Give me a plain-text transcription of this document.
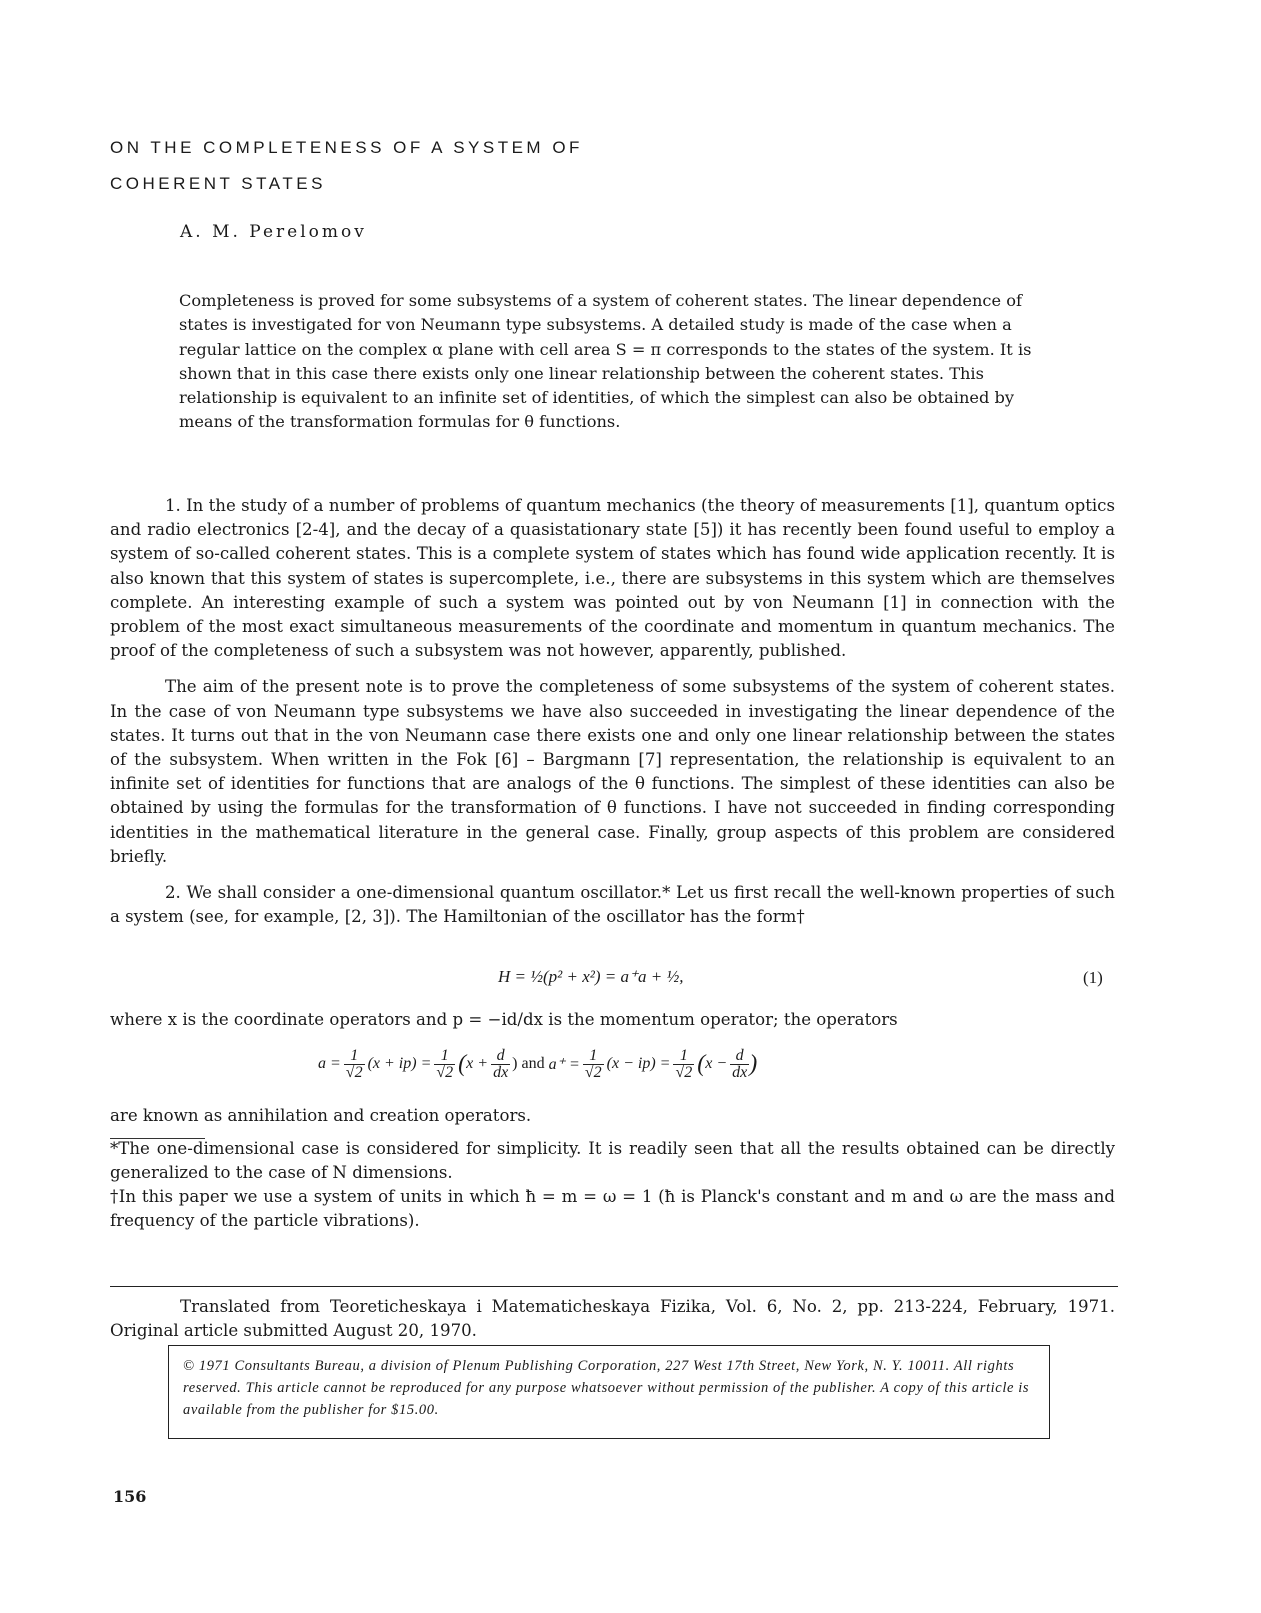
ON THE COMPLETENESS OF A SYSTEM OF
COHERENT STATES
A. M. Perelomov
Completeness is proved for some subsystems of a system of coherent states. The linear dependence of states is investigated for von Neumann type subsystems. A detailed study is made of the case when a regular lattice on the complex α plane with cell area S = π corresponds to the states of the system. It is shown that in this case there exists only one linear relationship between the coherent states. This relationship is equivalent to an infinite set of identities, of which the simplest can also be obtained by means of the transformation formulas for θ functions.

1. In the study of a number of problems of quantum mechanics (the theory of measurements [1], quantum optics and radio electronics [2-4], and the decay of a quasistationary state [5]) it has recently been found useful to employ a system of so-called coherent states. This is a complete system of states which has found wide application recently. It is also known that this system of states is supercomplete, i.e., there are subsystems in this system which are themselves complete. An interesting example of such a system was pointed out by von Neumann [1] in connection with the problem of the most exact simultaneous measurements of the coordinate and momentum in quantum mechanics. The proof of the completeness of such a subsystem was not however, apparently, published.

The aim of the present note is to prove the completeness of some subsystems of the system of coherent states. In the case of von Neumann type subsystems we have also succeeded in investigating the linear dependence of the states. It turns out that in the von Neumann case there exists one and only one linear relationship between the states of the subsystem. When written in the Fok [6] – Bargmann [7] representation, the relationship is equivalent to an infinite set of identities for functions that are analogs of the θ functions. The simplest of these identities can also be obtained by using the formulas for the transformation of θ functions. I have not succeeded in finding corresponding identities in the mathematical literature in the general case. Finally, group aspects of this problem are considered briefly.

2. We shall consider a one-dimensional quantum oscillator.* Let us first recall the well-known properties of such a system (see, for example, [2, 3]). The Hamiltonian of the oscillator has the form†

H = ½(p² + x²) = a⁺a + ½,	(1)

where x is the coordinate operators and p = −id/dx is the momentum operator; the operators

$a = \frac{1}{√2} (x + ip) = \frac{1}{√2}$ ( $x + \frac{d}{dx}$ ) and $a^+ = \frac{1}{√2} (x - ip) = \frac{1}{√2}$ ( $x - \frac{d}{dx}$ )

are known as annihilation and creation operators.

*The one-dimensional case is considered for simplicity. It is readily seen that all the results obtained can be directly generalized to the case of N dimensions.

†In this paper we use a system of units in which ħ = m = ω = 1 (ħ is Planck's constant and m and ω are the mass and frequency of the particle vibrations).

Translated from Teoreticheskaya i Matematicheskaya Fizika, Vol. 6, No. 2, pp. 213-224, February, 1971. Original article submitted August 20, 1970.

© 1971 Consultants Bureau, a division of Plenum Publishing Corporation, 227 West 17th Street, New York, N. Y. 10011. All rights reserved. This article cannot be reproduced for any purpose whatsoever without permission of the publisher. A copy of this article is available from the publisher for $15.00.
156
